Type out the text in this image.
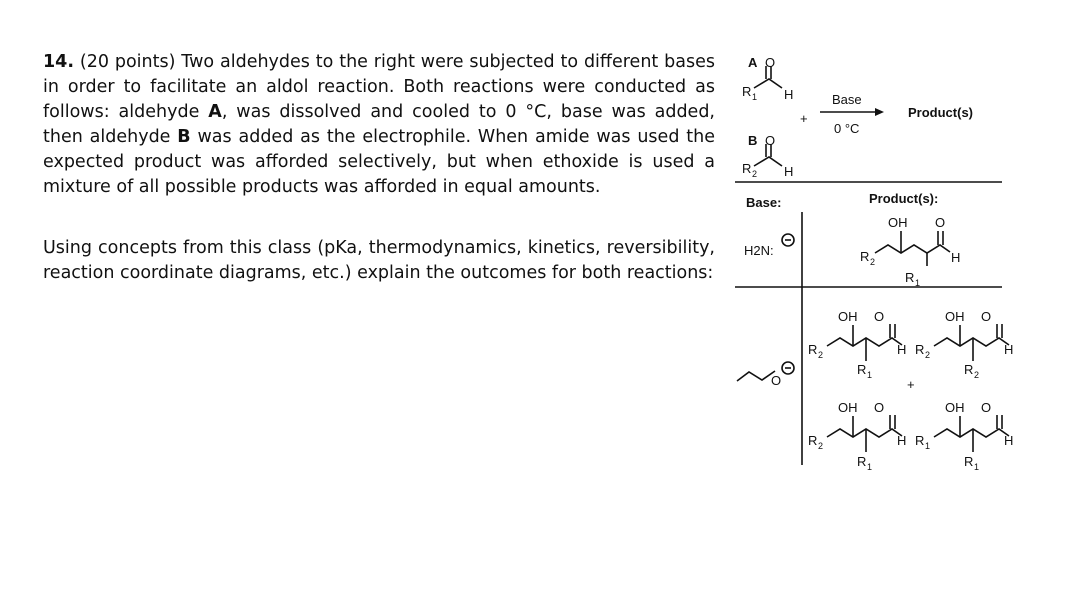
14. (20 points) Two aldehydes to the right were subjected to different bases in order to facilitate an aldol reaction. Both reactions were conducted as follows: aldehyde A, was dissolved and cooled to 0 °C, base was added, then aldehyde B was added as the electrophile. When amide was used the expected product was afforded selectively, but when ethoxide is used a mixture of all possible products was afforded in equal amounts.

Using concepts from this class (pKa, thermodynamics, kinetics, reversibility, reaction coordinate diagrams, etc.) explain the outcomes for both reactions:

A O
R 1 H
+
B O
R 2 H
Base
0 °C
Product(s)
Base:	Product(s):
H2N:
OH O
R 2
R 1
H
OH O
R 2
R 1
H
OH O
R 2
R 2
H
+
OH O
R 2
R 1
H
OH O
R 1
R 1
H
O
